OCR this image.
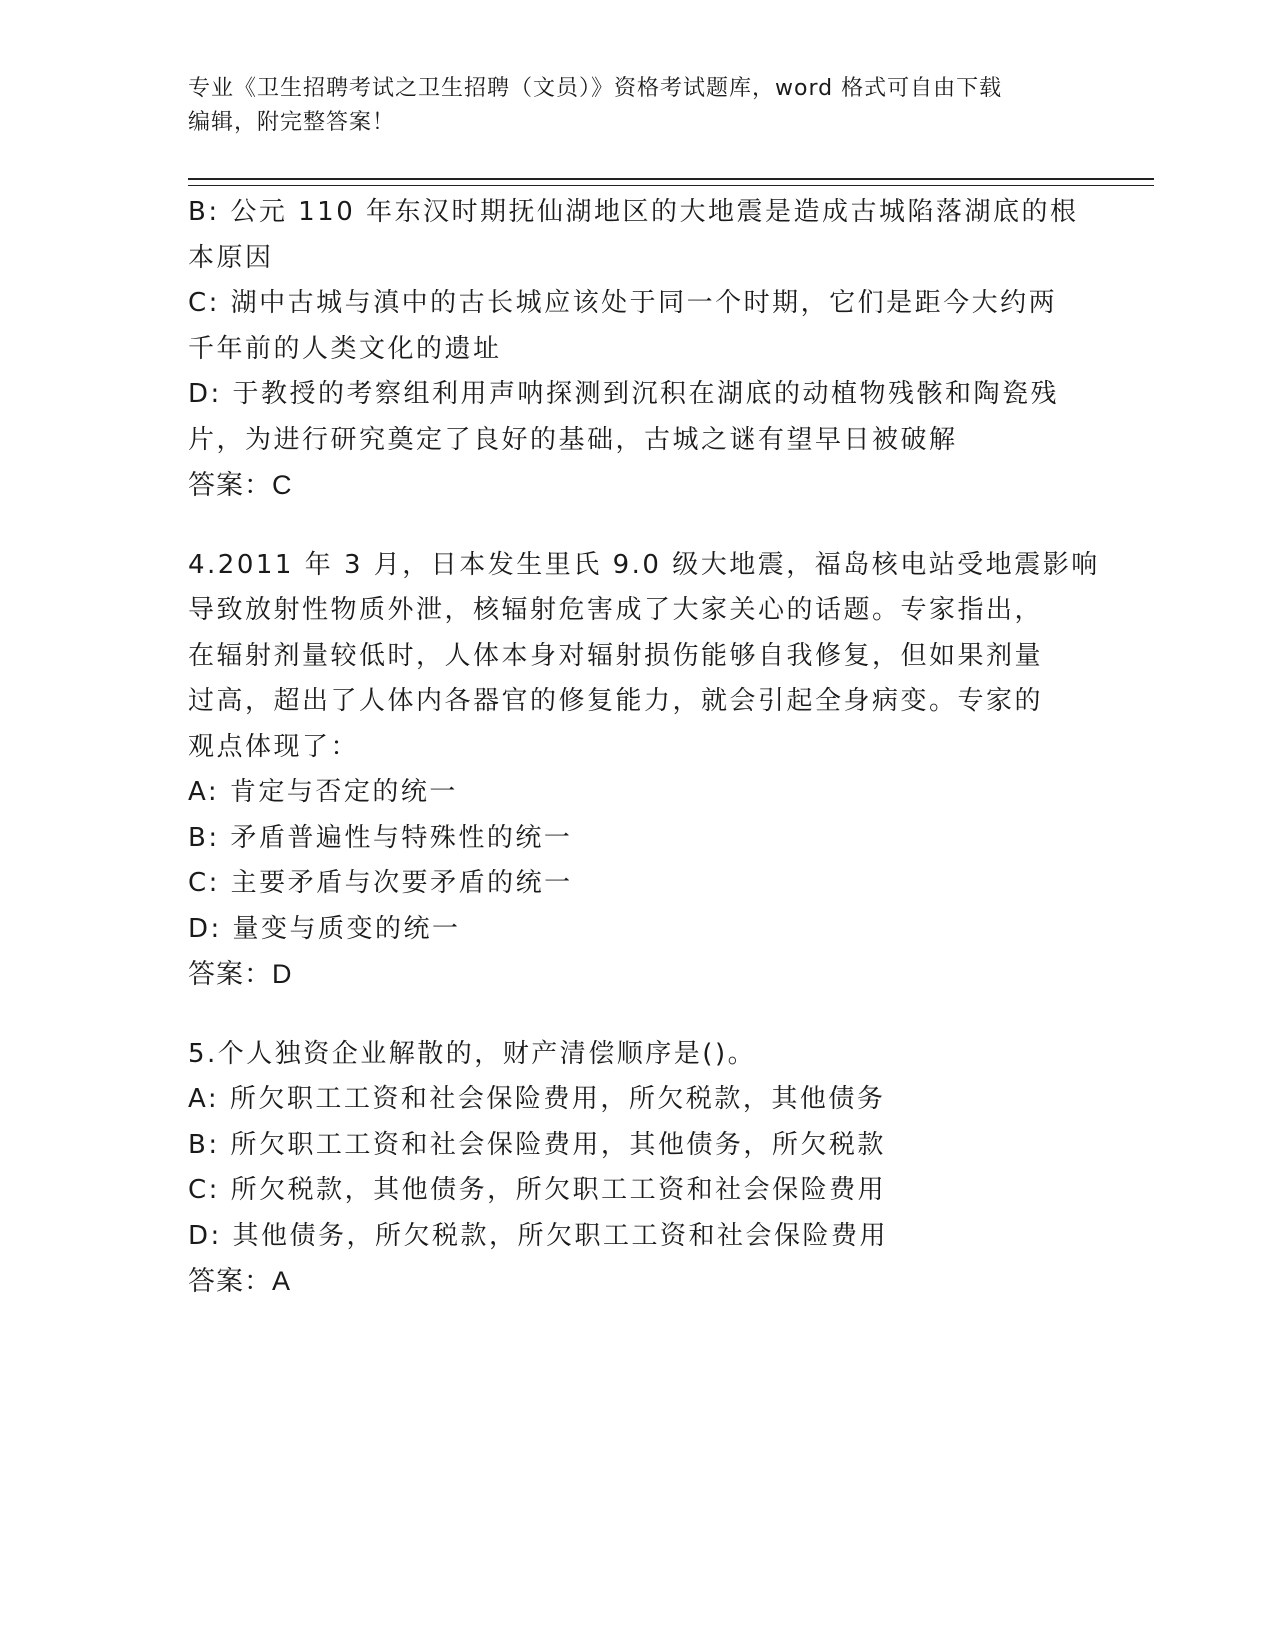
专业《卫生招聘考试之卫生招聘（文员）》资格考试题库，word 格式可自由下载
编辑，附完整答案！
B: 公元 110 年东汉时期抚仙湖地区的大地震是造成古城陷落湖底的根
本原因
C: 湖中古城与滇中的古长城应该处于同一个时期，它们是距今大约两
千年前的人类文化的遗址
D: 于教授的考察组利用声呐探测到沉积在湖底的动植物残骸和陶瓷残
片，为进行研究奠定了良好的基础，古城之谜有望早日被破解
答案：C
4.2011 年 3 月，日本发生里氏 9.0 级大地震，福岛核电站受地震影响
导致放射性物质外泄，核辐射危害成了大家关心的话题。专家指出，
在辐射剂量较低时，人体本身对辐射损伤能够自我修复，但如果剂量
过高，超出了人体内各器官的修复能力，就会引起全身病变。专家的
观点体现了：
A: 肯定与否定的统一
B: 矛盾普遍性与特殊性的统一
C: 主要矛盾与次要矛盾的统一
D: 量变与质变的统一
答案：D
5.个人独资企业解散的，财产清偿顺序是()。
A: 所欠职工工资和社会保险费用，所欠税款，其他债务
B: 所欠职工工资和社会保险费用，其他债务，所欠税款
C: 所欠税款，其他债务，所欠职工工资和社会保险费用
D: 其他债务，所欠税款，所欠职工工资和社会保险费用
答案：A
